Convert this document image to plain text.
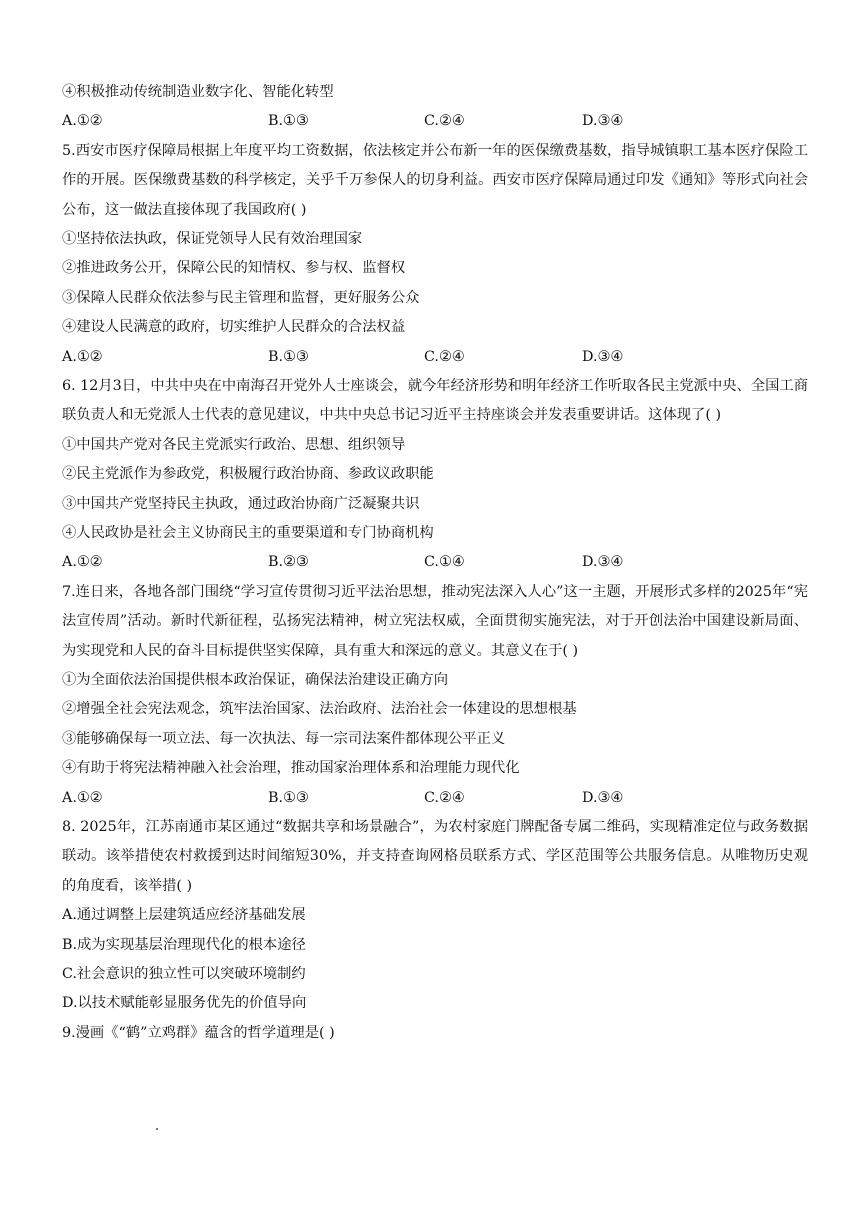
④积极推动传统制造业数字化、智能化转型
A.①②	B.①③	C.②④	D.③④
5.西安市医疗保障局根据上年度平均工资数据，依法核定并公布新一年的医保缴费基数，指导城镇职工基本医疗保险工作的开展。医保缴费基数的科学核定，关乎千万参保人的切身利益。西安市医疗保障局通过印发《通知》等形式向社会公布，这一做法直接体现了我国政府( )
①坚持依法执政，保证党领导人民有效治理国家
②推进政务公开，保障公民的知情权、参与权、监督权
③保障人民群众依法参与民主管理和监督，更好服务公众
④建设人民满意的政府，切实维护人民群众的合法权益
A.①②	B.①③	C.②④	D.③④
6. 12月3日，中共中央在中南海召开党外人士座谈会，就今年经济形势和明年经济工作听取各民主党派中央、全国工商联负责人和无党派人士代表的意见建议，中共中央总书记习近平主持座谈会并发表重要讲话。这体现了( )
①中国共产党对各民主党派实行政治、思想、组织领导
②民主党派作为参政党，积极履行政治协商、参政议政职能
③中国共产党坚持民主执政，通过政治协商广泛凝聚共识
④人民政协是社会主义协商民主的重要渠道和专门协商机构
A.①②	B.②③	C.①④	D.③④
7.连日来，各地各部门围绕“学习宣传贯彻习近平法治思想，推动宪法深入人心”这一主题，开展形式多样的2025年“宪法宣传周”活动。新时代新征程，弘扬宪法精神，树立宪法权威，全面贯彻实施宪法，对于开创法治中国建设新局面、为实现党和人民的奋斗目标提供坚实保障，具有重大和深远的意义。其意义在于( )
①为全面依法治国提供根本政治保证，确保法治建设正确方向
②增强全社会宪法观念，筑牢法治国家、法治政府、法治社会一体建设的思想根基
③能够确保每一项立法、每一次执法、每一宗司法案件都体现公平正义
④有助于将宪法精神融入社会治理，推动国家治理体系和治理能力现代化
A.①②	B.①③	C.②④	D.③④
8. 2025年，江苏南通市某区通过“数据共享和场景融合”，为农村家庭门牌配备专属二维码，实现精准定位与政务数据联动。该举措使农村救援到达时间缩短30%，并支持查询网格员联系方式、学区范围等公共服务信息。从唯物历史观的角度看，该举措( )
A.通过调整上层建筑适应经济基础发展
B.成为实现基层治理现代化的根本途径
C.社会意识的独立性可以突破环境制约
D.以技术赋能彰显服务优先的价值导向
9.漫画《“鹤”立鸡群》蕴含的哲学道理是( )
